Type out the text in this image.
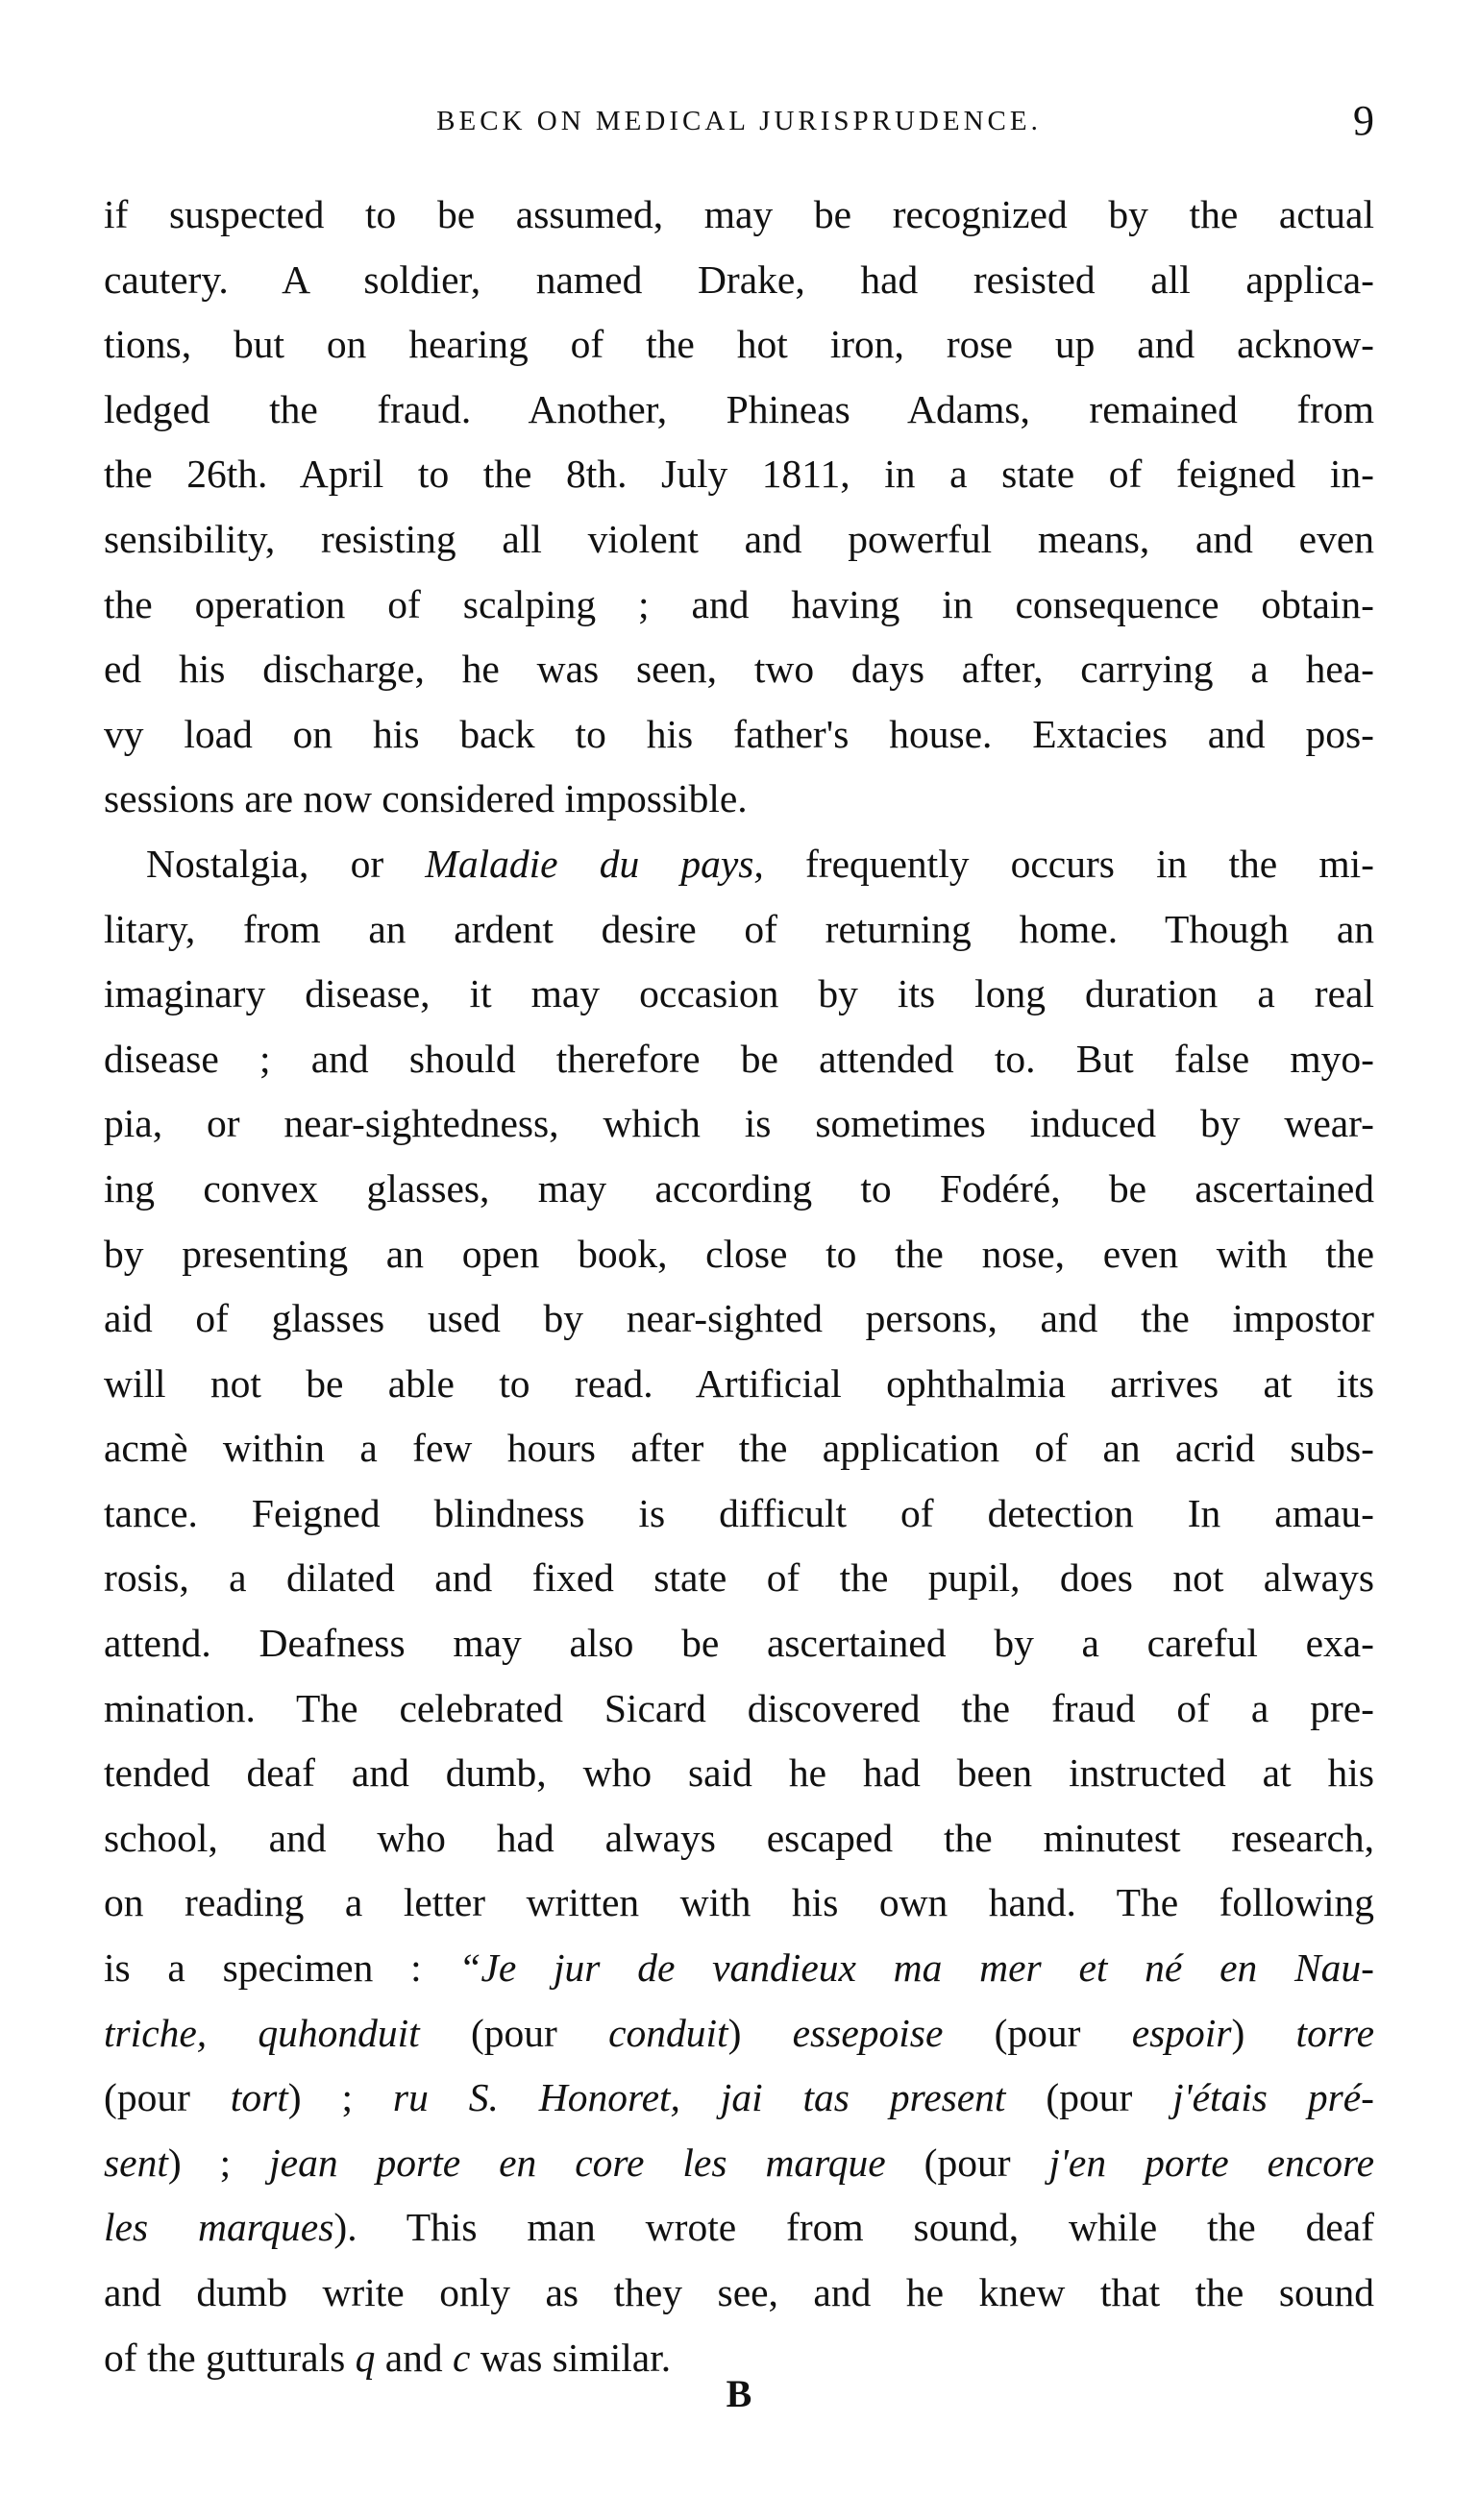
BECK ON MEDICAL JURISPRUDENCE.	9
if suspected to be assumed, may be recognized by the actual
cautery. A soldier, named Drake, had resisted all applica-
tions, but on hearing of the hot iron, rose up and acknow-
ledged the fraud. Another, Phineas Adams, remained from
the 26th. April to the 8th. July 1811, in a state of feigned in-
sensibility, resisting all violent and powerful means, and even
the operation of scalping ; and having in consequence obtain-
ed his discharge, he was seen, two days after, carrying a hea-
vy load on his back to his father's house. Extacies and pos-
sessions are now considered impossible.
Nostalgia, or Maladie du pays, frequently occurs in the mi-
litary, from an ardent desire of returning home. Though an
imaginary disease, it may occasion by its long duration a real
disease ; and should therefore be attended to. But false myo-
pia, or near-sightedness, which is sometimes induced by wear-
ing convex glasses, may according to Fodéré, be ascertained
by presenting an open book, close to the nose, even with the
aid of glasses used by near-sighted persons, and the impostor
will not be able to read. Artificial ophthalmia arrives at its
acmè within a few hours after the application of an acrid subs-
tance. Feigned blindness is difficult of detection In amau-
rosis, a dilated and fixed state of the pupil, does not always
attend. Deafness may also be ascertained by a careful exa-
mination. The celebrated Sicard discovered the fraud of a pre-
tended deaf and dumb, who said he had been instructed at his
school, and who had always escaped the minutest research,
on reading a letter written with his own hand. The following
is a specimen : “Je jur de vandieux ma mer et né en Nau-
triche, quhonduit (pour conduit) essepoise (pour espoir) torre
(pour tort) ; ru S. Honoret, jai tas present (pour j'étais pré-
sent) ; jean porte en core les marque (pour j'en porte encore
les marques). This man wrote from sound, while the deaf
and dumb write only as they see, and he knew that the sound
of the gutturals q and c was similar.
B
